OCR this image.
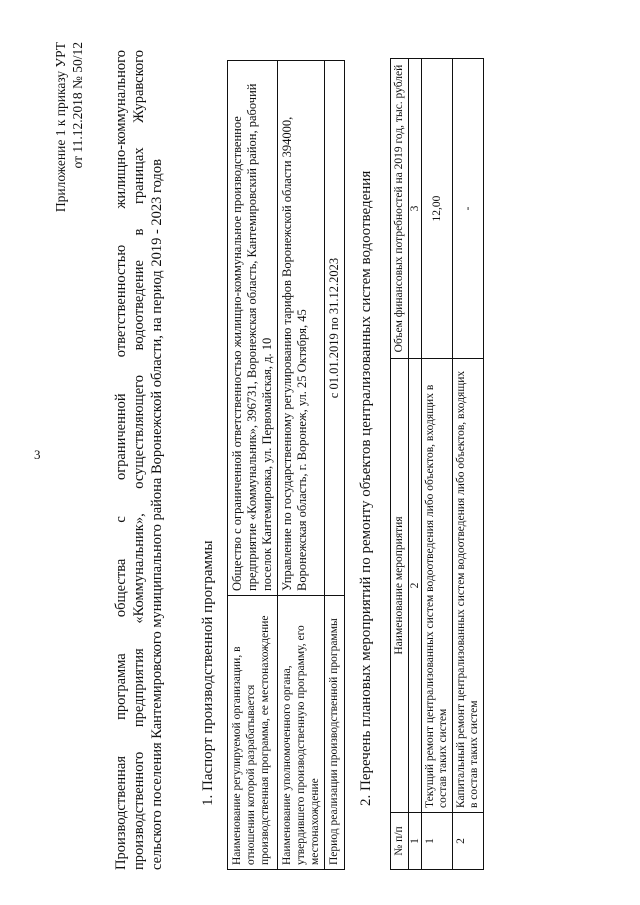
3
Приложение 1 к приказу УРТ от 11.12.2018 № 50/12 Производственная программа общества с ограниченной ответственностью жилищно-коммунального производственного предприятия «Коммунальник», осуществляющего водоотведение в границах Журавского сельского поселения Кантемировского муниципального района Воронежской области, на период 2019 - 2023 годов 1. Паспорт производственной программы Наименование регулируемой организации, в отношении которой разрабатывается производственная программа, ее местонахождение	Общество с ограниченной ответственностью жилищно-коммунальное производственное предприятие «Коммунальник», 396731, Воронежская область, Кантемировский район, рабочий поселок Кантемировка, ул. Первомайская, д. 10
Наименование уполномоченного органа, утвердившего производственную программу, его местонахождение	Управление по государственному регулированию тарифов Воронежской области 394000, Воронежская область, г. Воронеж, ул. 25 Октября, 45
Период реализации производственной программы	с 01.01.2019 по 31.12.2023 2. Перечень плановых мероприятий по ремонту объектов централизованных систем водоотведения
№ п/п	Наименование мероприятия	Объем финансовых потребностей на 2019 год, тыс. рублей
1	2	3
1	Текущий ремонт централизованных систем водоотведения либо объектов, входящих в состав таких систем	12,00
2	Капитальный ремонт централизованных систем водоотведения либо объектов, входящих в состав таких систем	-
